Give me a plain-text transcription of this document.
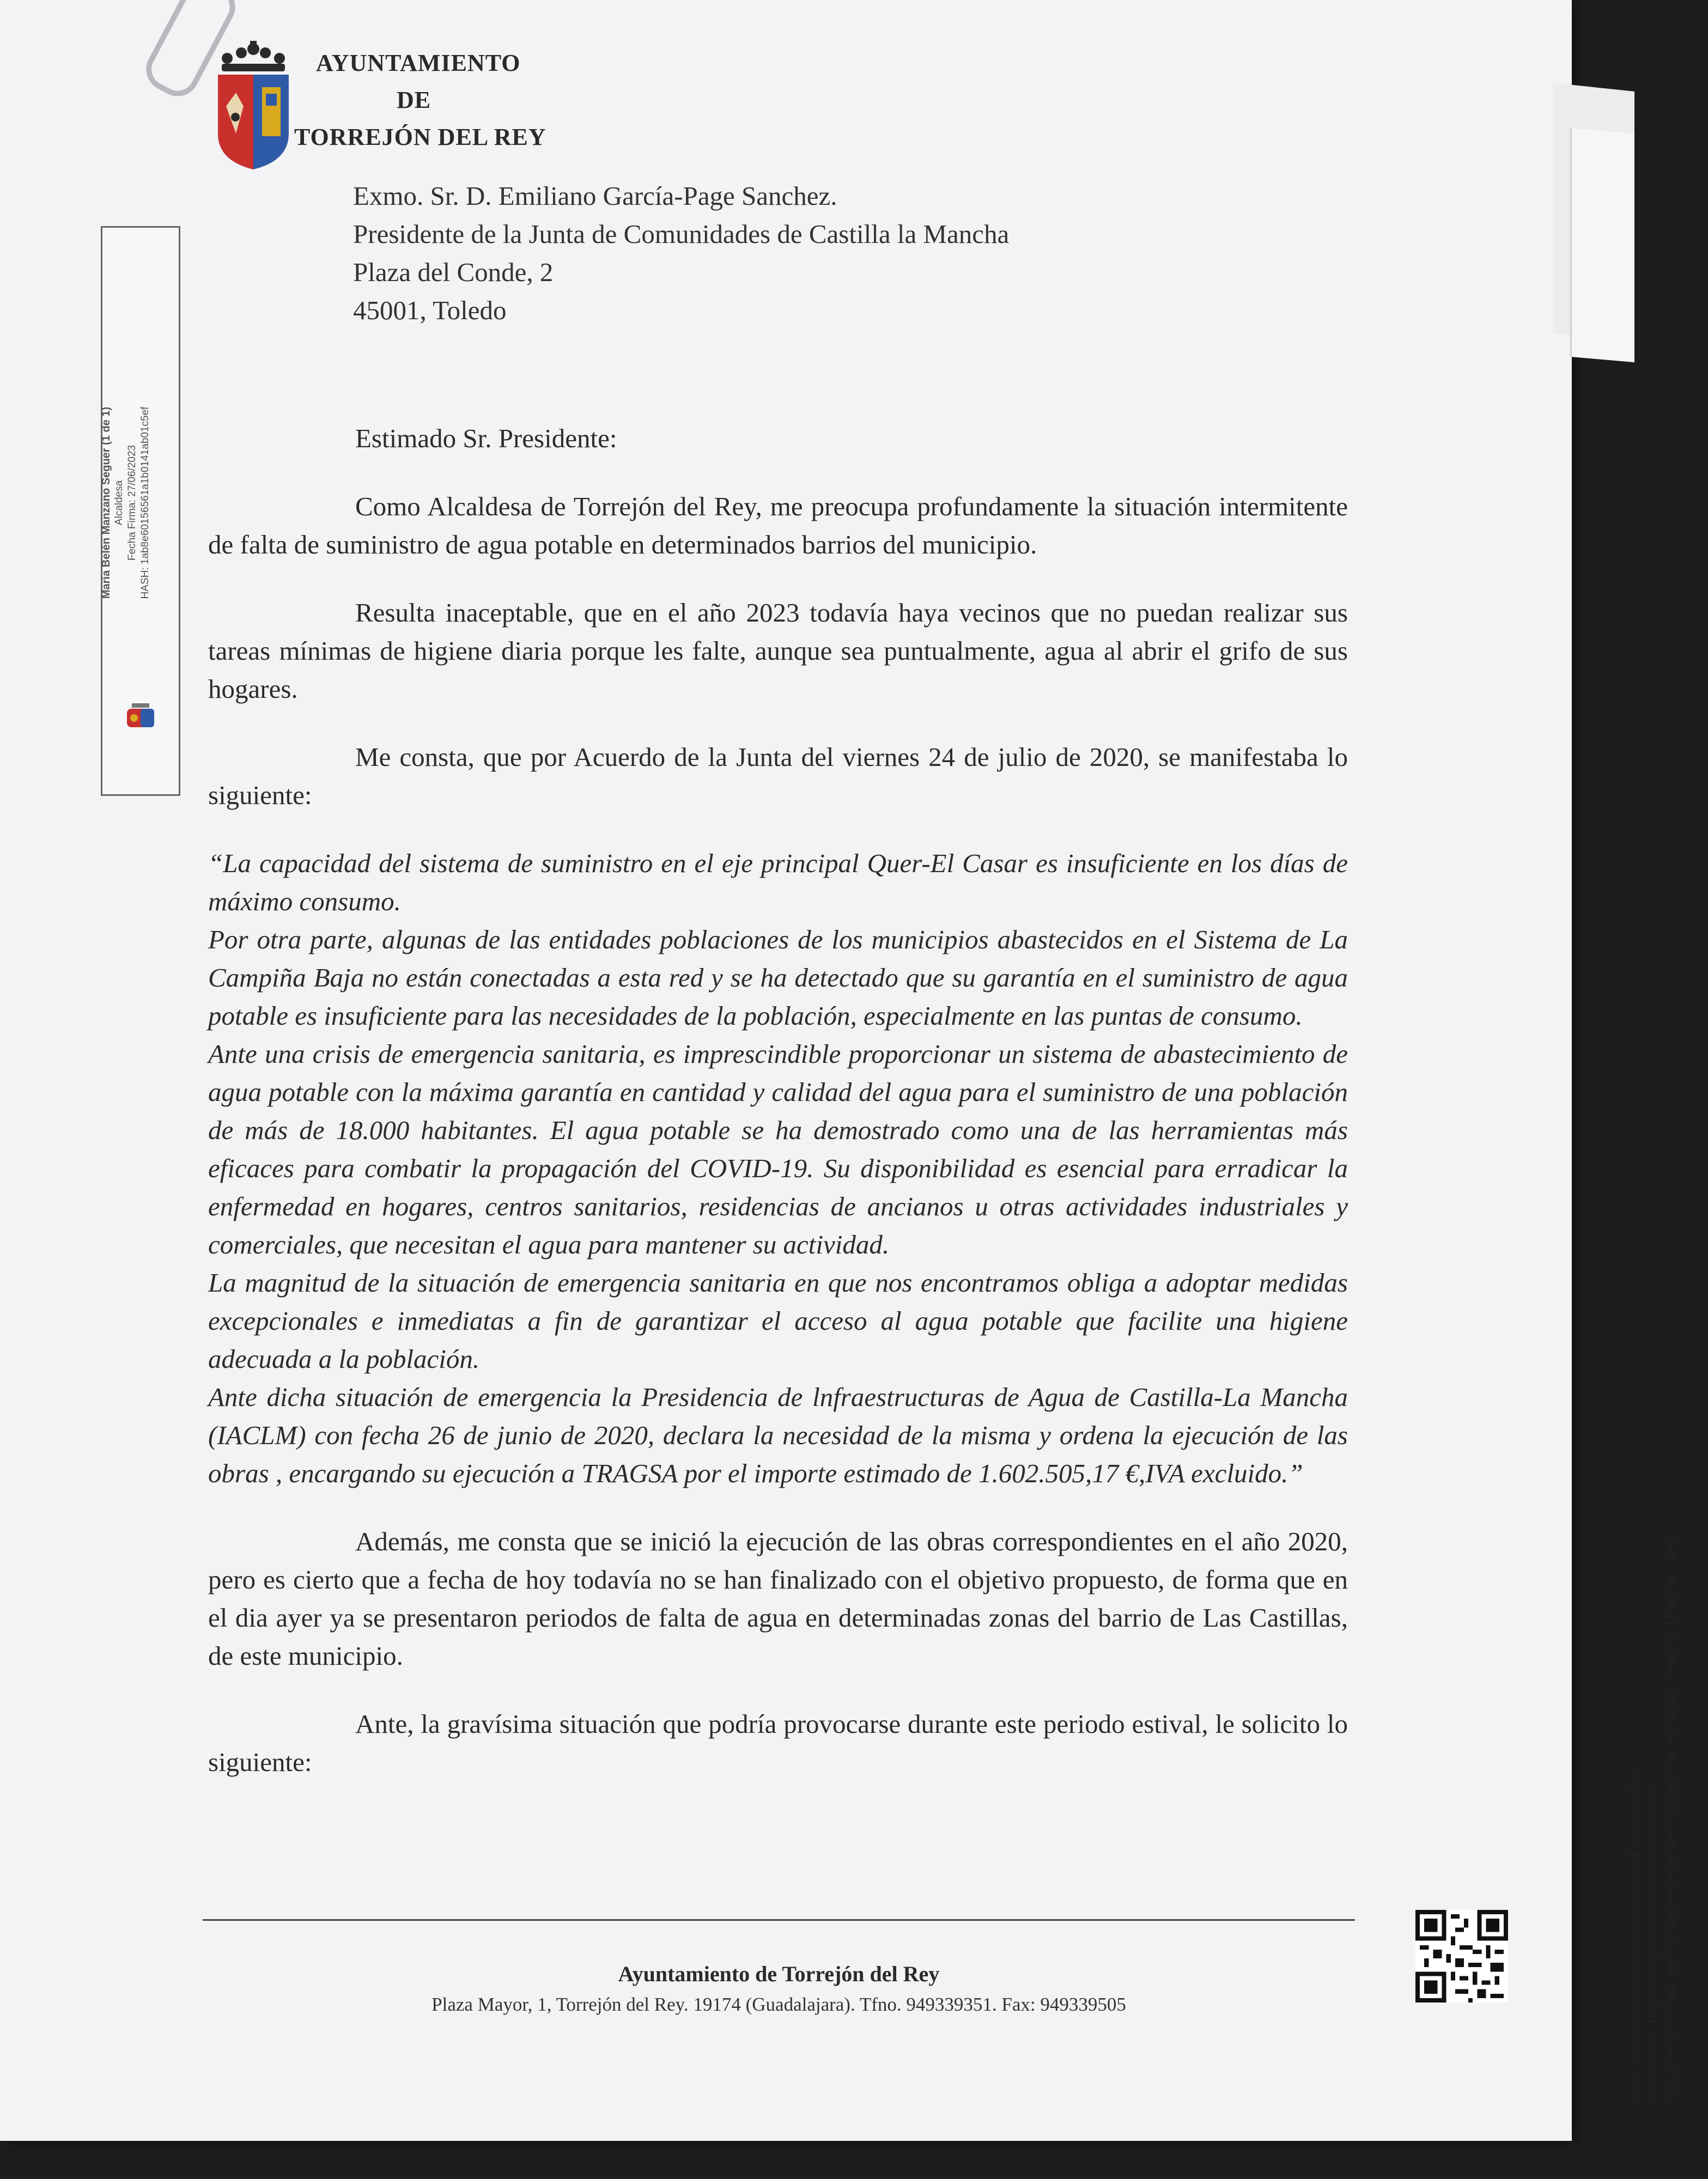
AYUNTAMIENTO
DE
TORREJÓN DEL REY
Exmo. Sr. D. Emiliano García-Page Sanchez.
Presidente de la Junta de Comunidades de Castilla la Mancha
Plaza del Conde, 2
45001, Toledo

Estimado Sr. Presidente:

Como Alcaldesa de Torrejón del Rey, me preocupa profundamente la situación intermitente de falta de suministro de agua potable en determinados barrios del municipio.

Resulta inaceptable, que en el año 2023 todavía haya vecinos que no puedan realizar sus tareas mínimas de higiene diaria porque les falte, aunque sea puntualmente, agua al abrir el grifo de sus hogares.

Me consta, que por Acuerdo de la Junta del viernes 24 de julio de 2020, se manifestaba lo siguiente:

“La capacidad del sistema de suministro en el eje principal Quer-El Casar es insuficiente en los días de máximo consumo.

Por otra parte, algunas de las entidades poblaciones de los municipios abastecidos en el Sistema de La Campiña Baja no están conectadas a esta red y se ha detectado que su garantía en el suministro de agua potable es insuficiente para las necesidades de la población, especialmente en las puntas de consumo.

Ante una crisis de emergencia sanitaria, es imprescindible proporcionar un sistema de abastecimiento de agua potable con la máxima garantía en cantidad y calidad del agua para el suministro de una población de más de 18.000 habitantes. El agua potable se ha demostrado como una de las herramientas más eficaces para combatir la propagación del COVID-19. Su disponibilidad es esencial para erradicar la enfermedad en hogares, centros sanitarios, residencias de ancianos u otras actividades industriales y comerciales, que necesitan el agua para mantener su actividad.

La magnitud de la situación de emergencia sanitaria en que nos encontramos obliga a adoptar medidas excepcionales e inmediatas a fin de garantizar el acceso al agua potable que facilite una higiene adecuada a la población.

Ante dicha situación de emergencia la Presidencia de lnfraestructuras de Agua de Castilla-La Mancha (IACLM) con fecha 26 de junio de 2020, declara la necesidad de la misma y ordena la ejecución de las obras , encargando su ejecución a TRAGSA por el importe estimado de 1.602.505,17 €,IVA excluido.”

Además, me consta que se inició la ejecución de las obras correspondientes en el año 2020, pero es cierto que a fecha de hoy todavía no se han finalizado con el objetivo propuesto, de forma que en el dia ayer ya se presentaron periodos de falta de agua en determinadas zonas del barrio de Las Castillas, de este municipio.

Ante, la gravísima situación que podría provocarse durante este periodo estival, le solicito lo siguiente:

Ayuntamiento de Torrejón del Rey
Plaza Mayor, 1, Torrejón del Rey. 19174 (Guadalajara). Tfno. 949339351. Fax: 949339505
María Belén Manzano Seguer (1 de 1) Alcaldesa Fecha Firma: 27/06/2023 HASH: 1ab8e60156561a1b0141ab01c5ef
Cód. Validación: 55FMS74TJAMEEMK3EHERSLCCM Verificación: https://torrejondelrey.sedelectronica.es/ Documento firmado electrónicamente desde la plataforma esPublico Gestiona | Página 1 de 2
